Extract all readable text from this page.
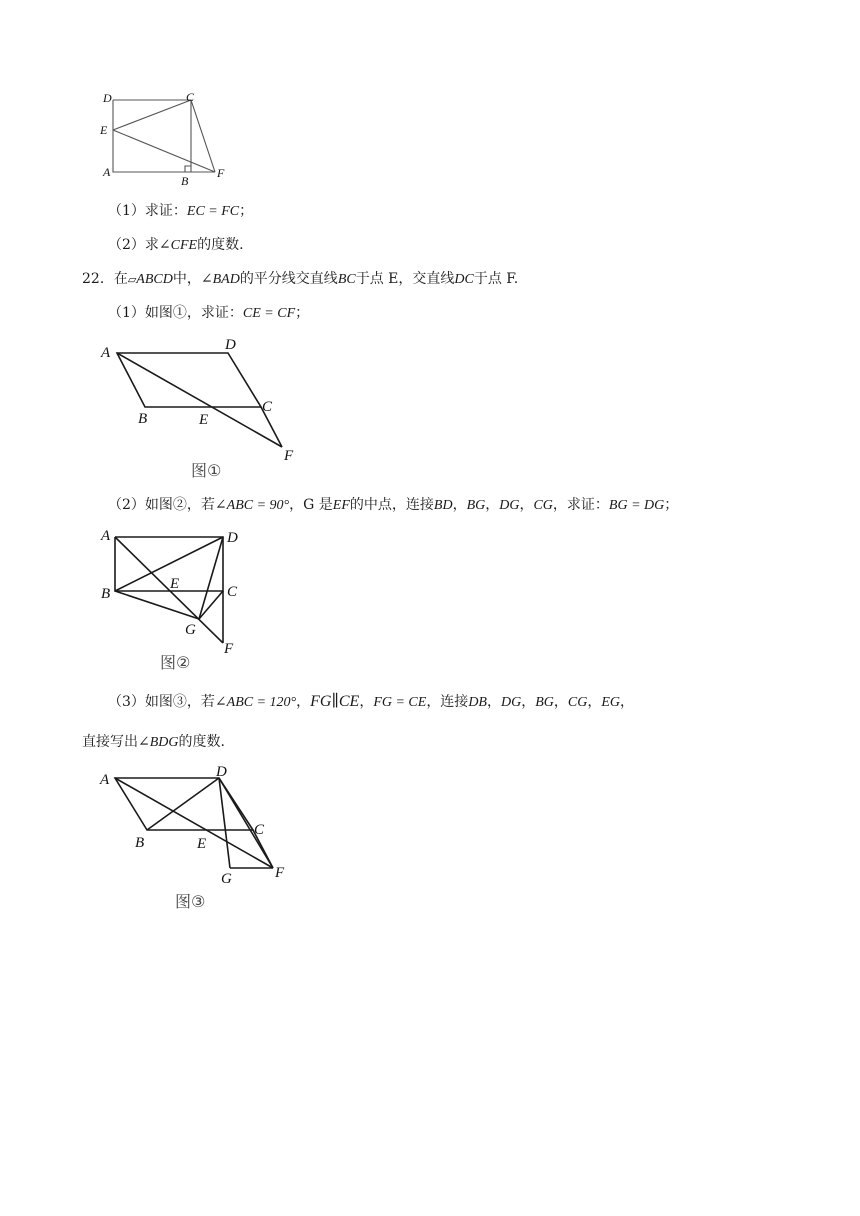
D	C
E
A
B
F
（1）求证：EC = FC；
（2）求∠CFE的度数.
22．在▱ABCD中，∠BAD的平分线交直线BC于点 E，交直线DC于点 F.
（1）如图①，求证：CE = CF；
A	D
B	E
C
F
图①
（2）如图②，若∠ABC = 90°，G 是EF的中点，连接BD，BG，DG，CG，求证：BG = DG；
A	D
B
E	C
G
F
图②
（3）如图③，若∠ABC = 120°，FG∥CE，FG = CE，连接DB，DG，BG，CG，EG，
直接写出∠BDG的度数.
A	D
B	E
C
G	F
图③
